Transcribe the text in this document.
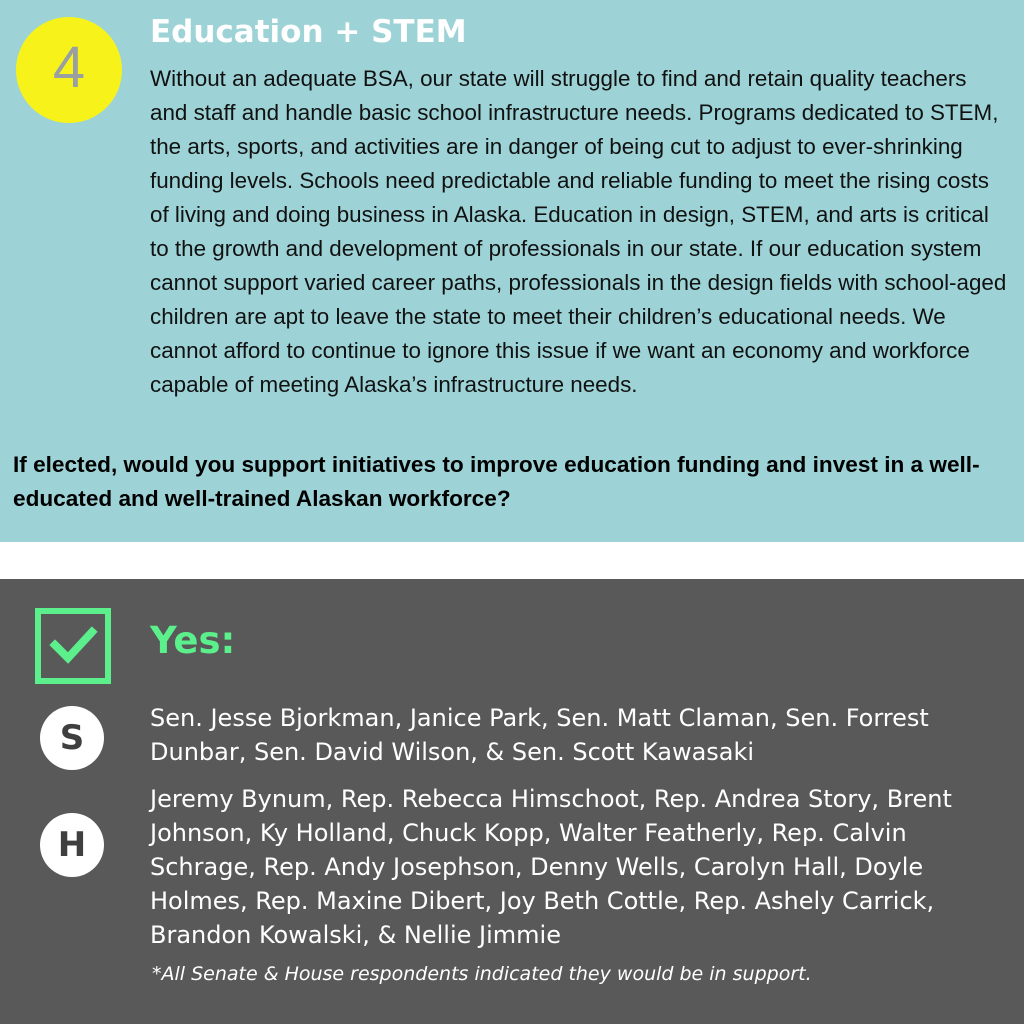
4
Education + STEM

Without an adequate BSA, our state will struggle to find and retain quality teachers and staff and handle basic school infrastructure needs. Programs dedicated to STEM, the arts, sports, and activities are in danger of being cut to adjust to ever-shrinking funding levels. Schools need predictable and reliable funding to meet the rising costs of living and doing business in Alaska. Education in design, STEM, and arts is critical to the growth and development of professionals in our state. If our education system cannot support varied career paths, professionals in the design fields with school-aged children are apt to leave the state to meet their children’s educational needs. We cannot afford to continue to ignore this issue if we want an economy and workforce capable of meeting Alaska’s infrastructure needs.

If elected, would you support initiatives to improve education funding and invest in a well-educated and well-trained Alaskan workforce?

Yes:
S	Sen. Jesse Bjorkman, Janice Park, Sen. Matt Claman, Sen. Forrest Dunbar, Sen. David Wilson, & Sen. Scott Kawasaki

H

Jeremy Bynum, Rep. Rebecca Himschoot, Rep. Andrea Story, Brent Johnson, Ky Holland, Chuck Kopp, Walter Featherly, Rep. Calvin Schrage, Rep. Andy Josephson, Denny Wells, Carolyn Hall, Doyle Holmes, Rep. Maxine Dibert, Joy Beth Cottle, Rep. Ashely Carrick, Brandon Kowalski, & Nellie Jimmie

*All Senate & House respondents indicated they would be in support.
